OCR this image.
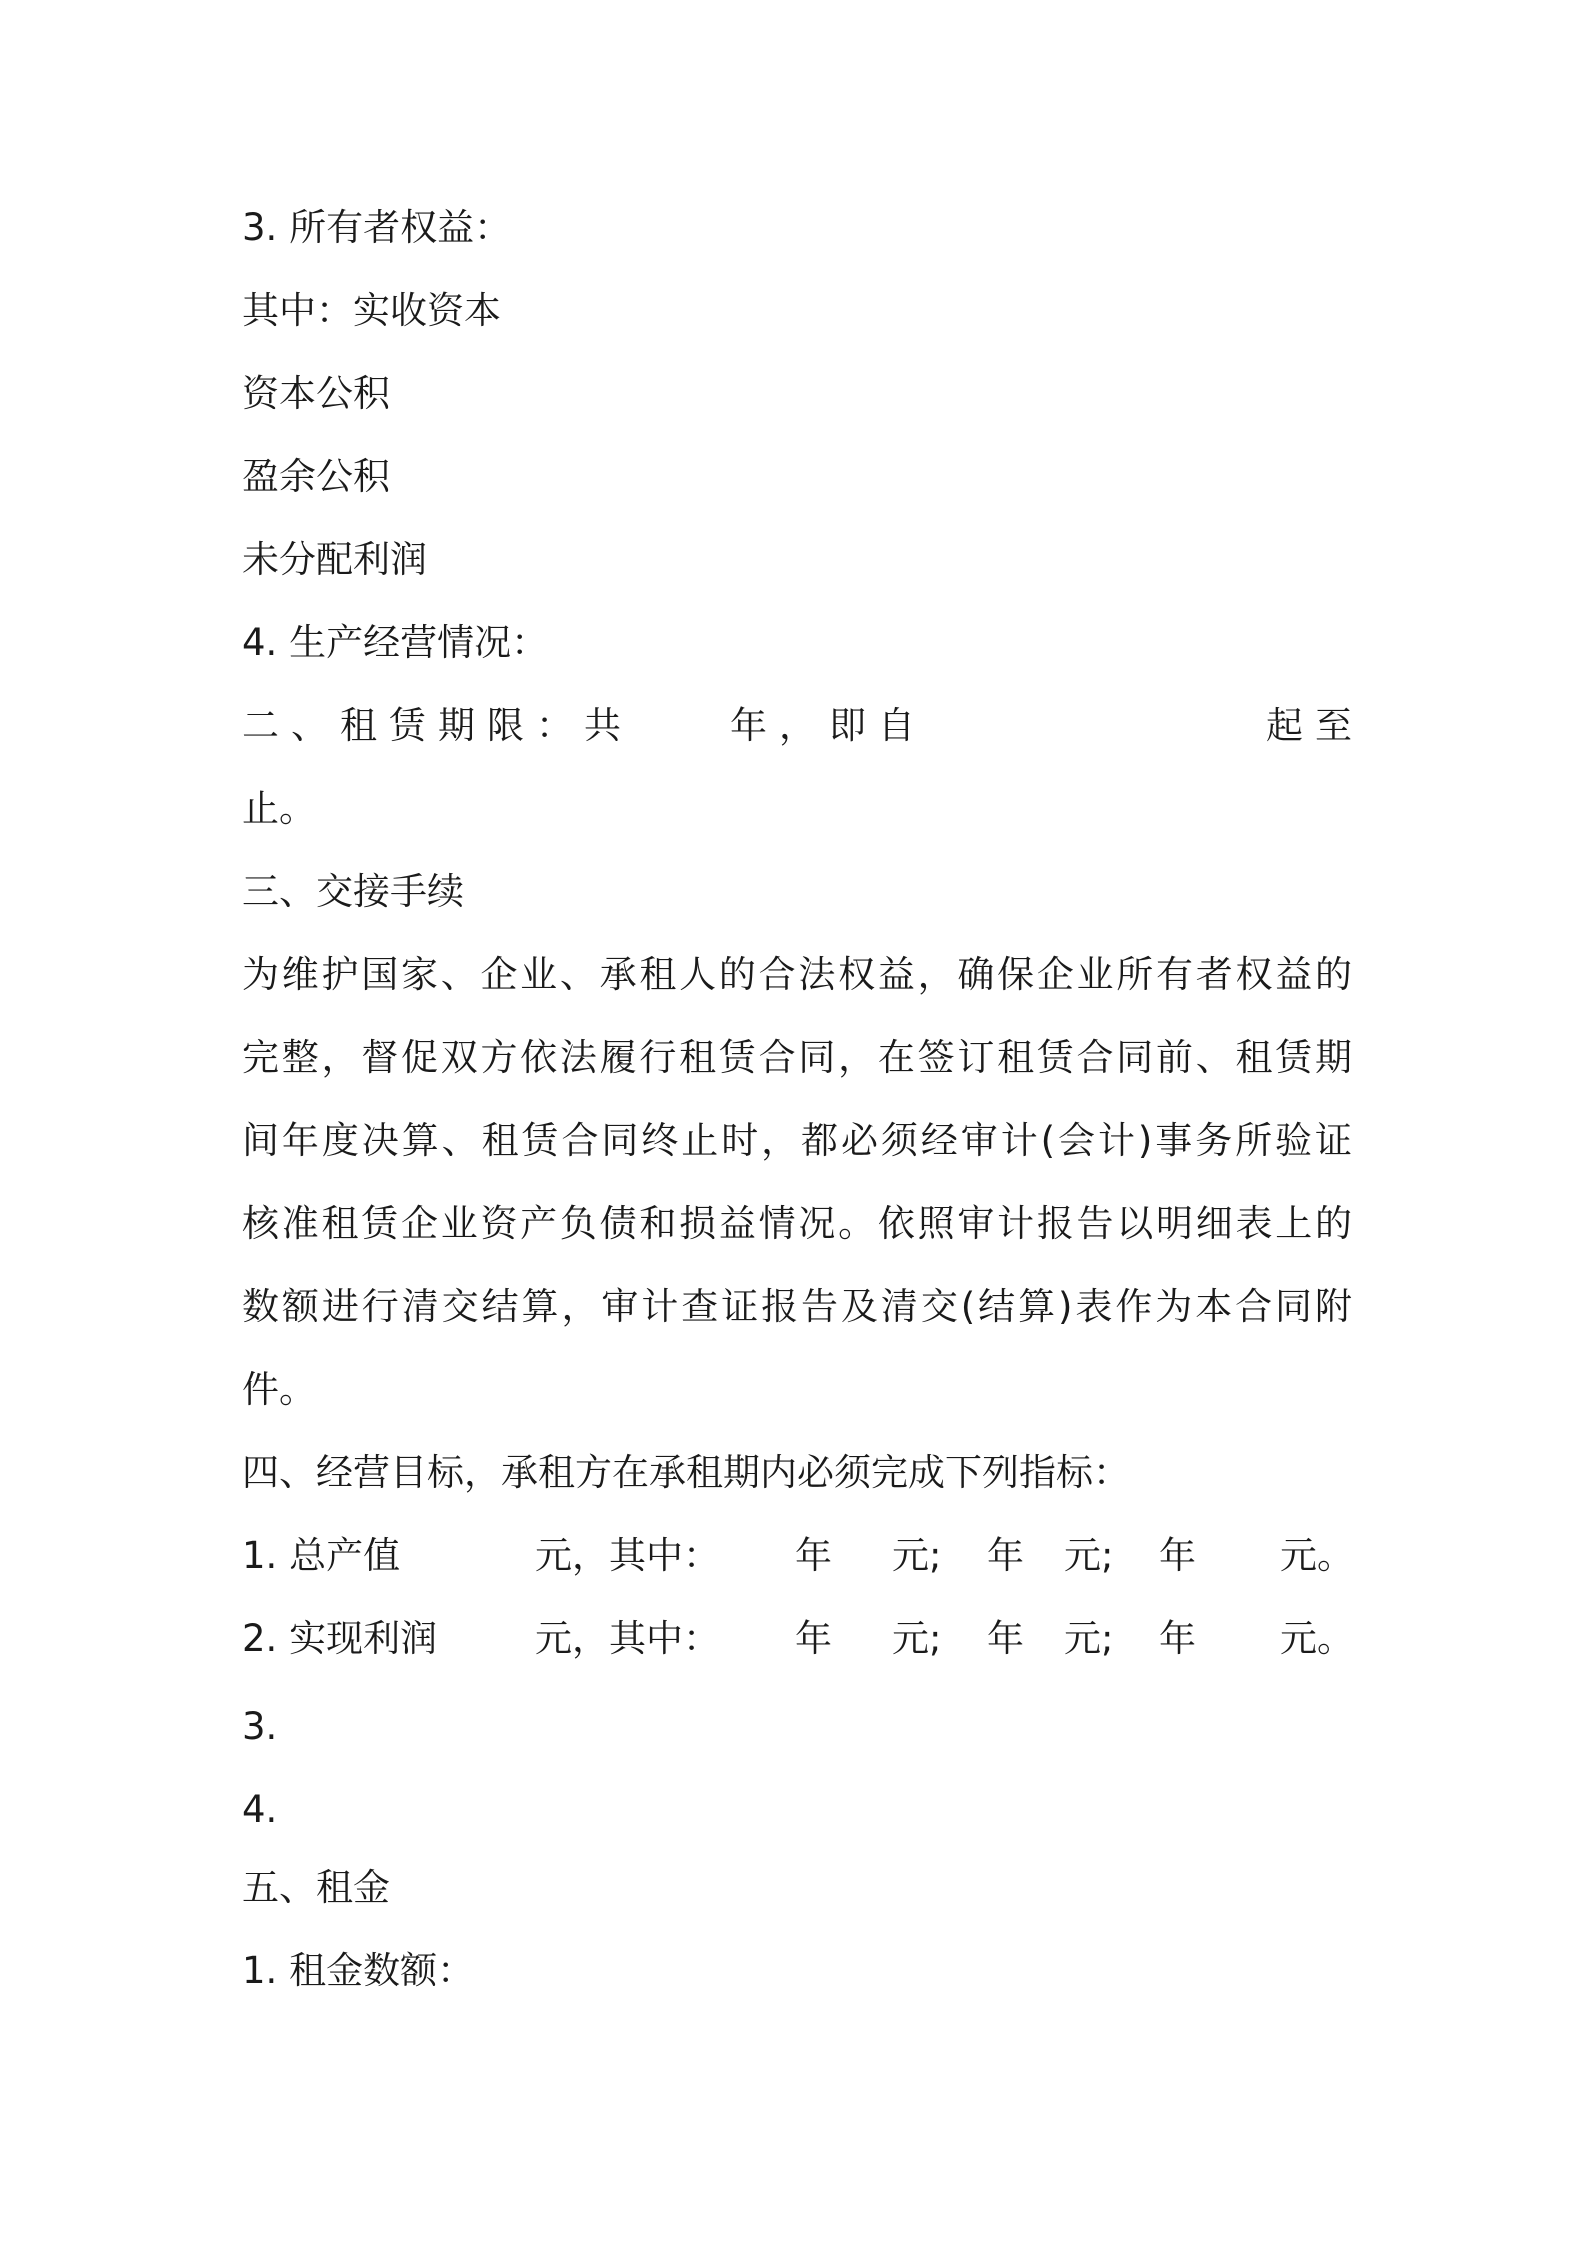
3. 所有者权益：
其中：实收资本
资本公积
盈余公积
未分配利润
4. 生产经营情况：
二、租赁期限： 共	年， 即自	起至
止。
三、交接手续
为维护国家、企业、承租人的合法权益，确保企业所有者权益的
完整，督促双方依法履行租赁合同，在签订租赁合同前、租赁期
间年度决算、租赁合同终止时，都必须经审计(会计)事务所验证
核准租赁企业资产负债和损益情况。依照审计报告以明细表上的
数额进行清交结算，审计查证报告及清交(结算)表作为本合同附
件。
四、经营目标，承租方在承租期内必须完成下列指标：
1. 总产值	元，其中： 年 元; 年 元; 年 元。
2. 实现利润	元，其中： 年 元; 年 元; 年 元。
3.
4.
五、租金
1. 租金数额：
